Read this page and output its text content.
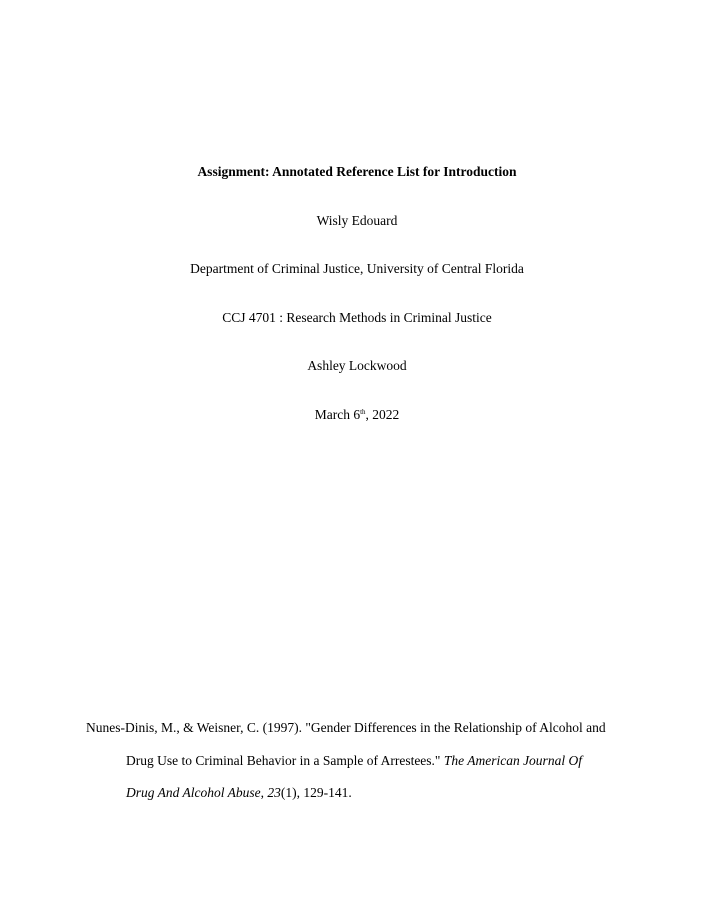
Assignment: Annotated Reference List for Introduction
Wisly Edouard
Department of Criminal Justice, University of Central Florida
CCJ 4701 : Research Methods in Criminal Justice
Ashley Lockwood
March 6th, 2022
Nunes-Dinis, M., & Weisner, C. (1997). "Gender Differences in the Relationship of Alcohol and
Drug Use to Criminal Behavior in a Sample of Arrestees." The American Journal Of
Drug And Alcohol Abuse, 23(1), 129-141.
